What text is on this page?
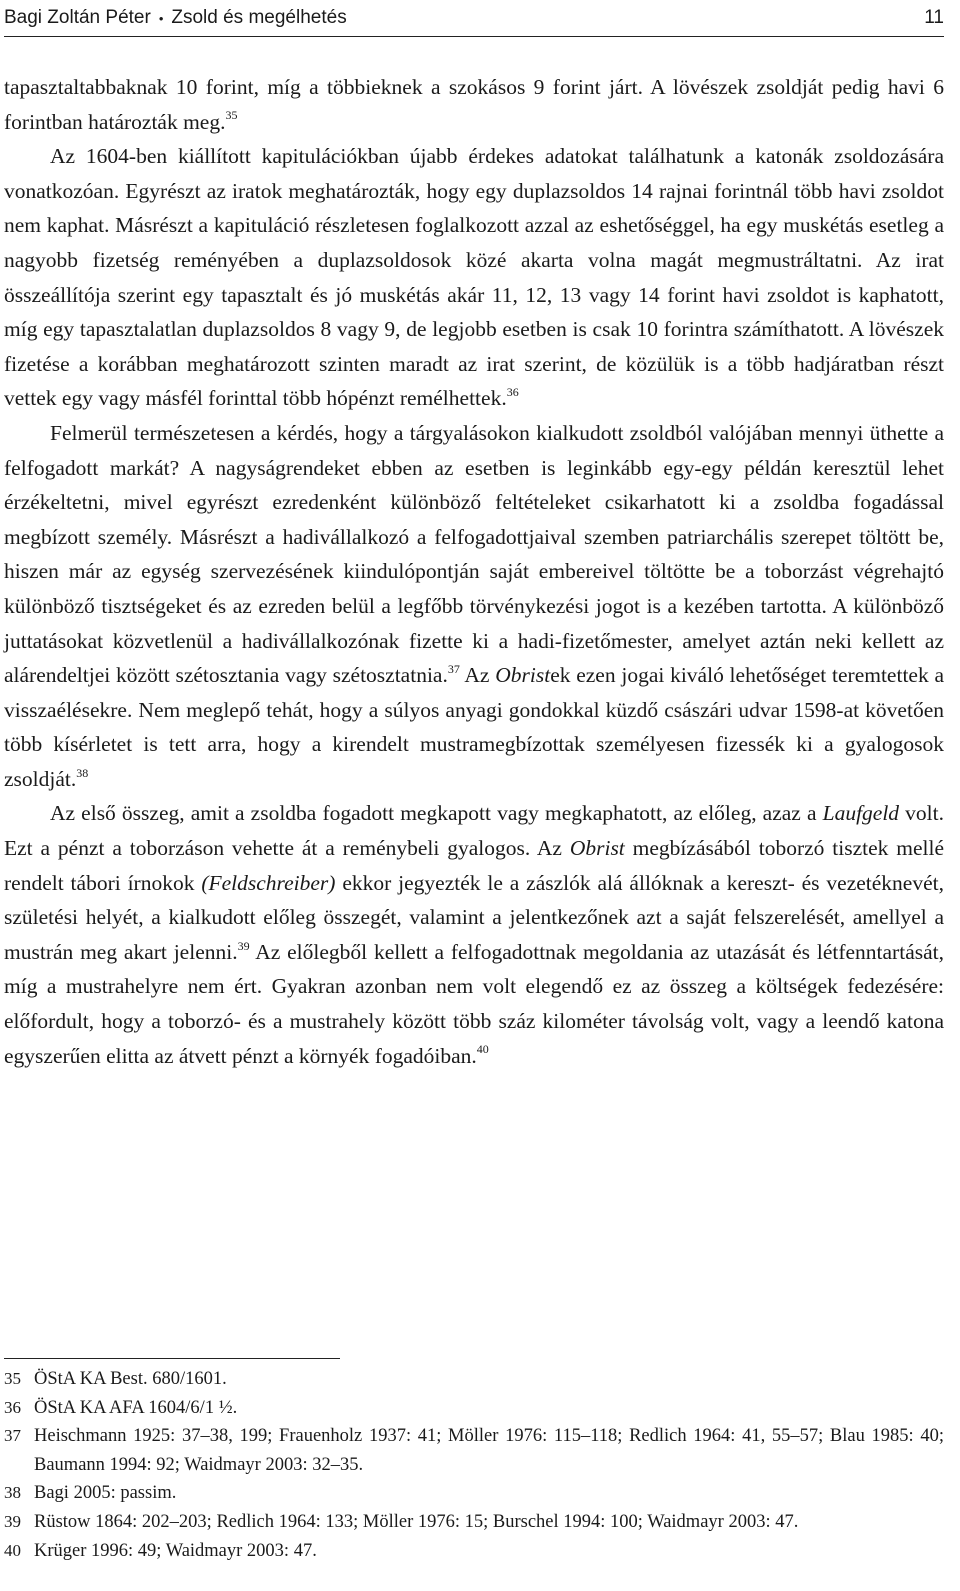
Bagi Zoltán Péter • Zsold és megélhetés	11

tapasztaltabbaknak 10 forint, míg a többieknek a szokásos 9 forint járt. A lövészek zsoldját pedig havi 6 forintban határozták meg.$^{35}$

Az 1604-ben kiállított kapitulációkban újabb érdekes adatokat találhatunk a katonák zsoldozására vonatkozóan. Egyrészt az iratok meghatározták, hogy egy duplazsoldos 14 rajnai forintnál több havi zsoldot nem kaphat. Másrészt a kapituláció részletesen foglalkozott azzal az eshetőséggel, ha egy muskétás esetleg a nagyobb fizetség reményében a duplazsoldosok közé akarta volna magát megmustráltatni. Az irat összeállítója szerint egy tapasztalt és jó muskétás akár 11, 12, 13 vagy 14 forint havi zsoldot is kaphatott, míg egy tapasztalatlan duplazsoldos 8 vagy 9, de legjobb esetben is csak 10 forintra számíthatott. A lövészek fizetése a korábban meghatározott szinten maradt az irat szerint, de közülük is a több hadjáratban részt vettek egy vagy másfél forinttal több hópénzt remélhettek.$^{36}$

Felmerül természetesen a kérdés, hogy a tárgyalásokon kialkudott zsoldból valójában mennyi üthette a felfogadott markát? A nagyságrendeket ebben az esetben is leginkább egy-egy példán keresztül lehet érzékeltetni, mivel egyrészt ezredenként különböző feltételeket csikarhatott ki a zsoldba fogadással megbízott személy. Másrészt a hadivállalkozó a felfogadottjaival szemben patriarchális szerepet töltött be, hiszen már az egység szervezésének kiindulópontján saját embereivel töltötte be a toborzást végrehajtó különböző tisztségeket és az ezreden belül a legfőbb törvénykezési jogot is a kezében tartotta. A különböző juttatásokat közvetlenül a hadivállalkozónak fizette ki a hadi-fizetőmester, amelyet aztán neki kellett az alárendeltjei között szétosztania vagy szétosztatnia.$^{37}$ Az Obristek ezen jogai kiváló lehetőséget teremtettek a visszaélésekre. Nem meglepő tehát, hogy a súlyos anyagi gondokkal küzdő császári udvar 1598-at követően több kísérletet is tett arra, hogy a kirendelt mustramegbízottak személyesen fizessék ki a gyalogosok zsoldját.$^{38}$

Az első összeg, amit a zsoldba fogadott megkapott vagy megkaphatott, az előleg, azaz a Laufgeld volt. Ezt a pénzt a toborzáson vehette át a reménybeli gyalogos. Az Obrist megbízásából toborzó tisztek mellé rendelt tábori írnokok (Feldschreiber) ekkor jegyezték le a zászlók alá állóknak a kereszt- és vezetéknevét, születési helyét, a kialkudott előleg összegét, valamint a jelentkezőnek azt a saját felszerelését, amellyel a mustrán meg akart jelenni.$^{39}$ Az előlegből kellett a felfogadottnak megoldania az utazását és létfenntartását, míg a mustrahelyre nem ért. Gyakran azonban nem volt elegendő ez az összeg a költségek fedezésére: előfordult, hogy a toborzó- és a mustrahely között több száz kilométer távolság volt, vagy a leendő katona egyszerűen elitta az átvett pénzt a környék fogadóiban.$^{40}$

35 ÖStA KA Best. 680/1601.
36 ÖStA KA AFA 1604/6/1 ½.
37 Heischmann 1925: 37–38, 199; Frauenholz 1937: 41; Möller 1976: 115–118; Redlich 1964: 41, 55–57; Blau 1985: 40; Baumann 1994: 92; Waidmayr 2003: 32–35.
38 Bagi 2005: passim.
39 Rüstow 1864: 202–203; Redlich 1964: 133; Möller 1976: 15; Burschel 1994: 100; Waidmayr 2003: 47.
40 Krüger 1996: 49; Waidmayr 2003: 47.
